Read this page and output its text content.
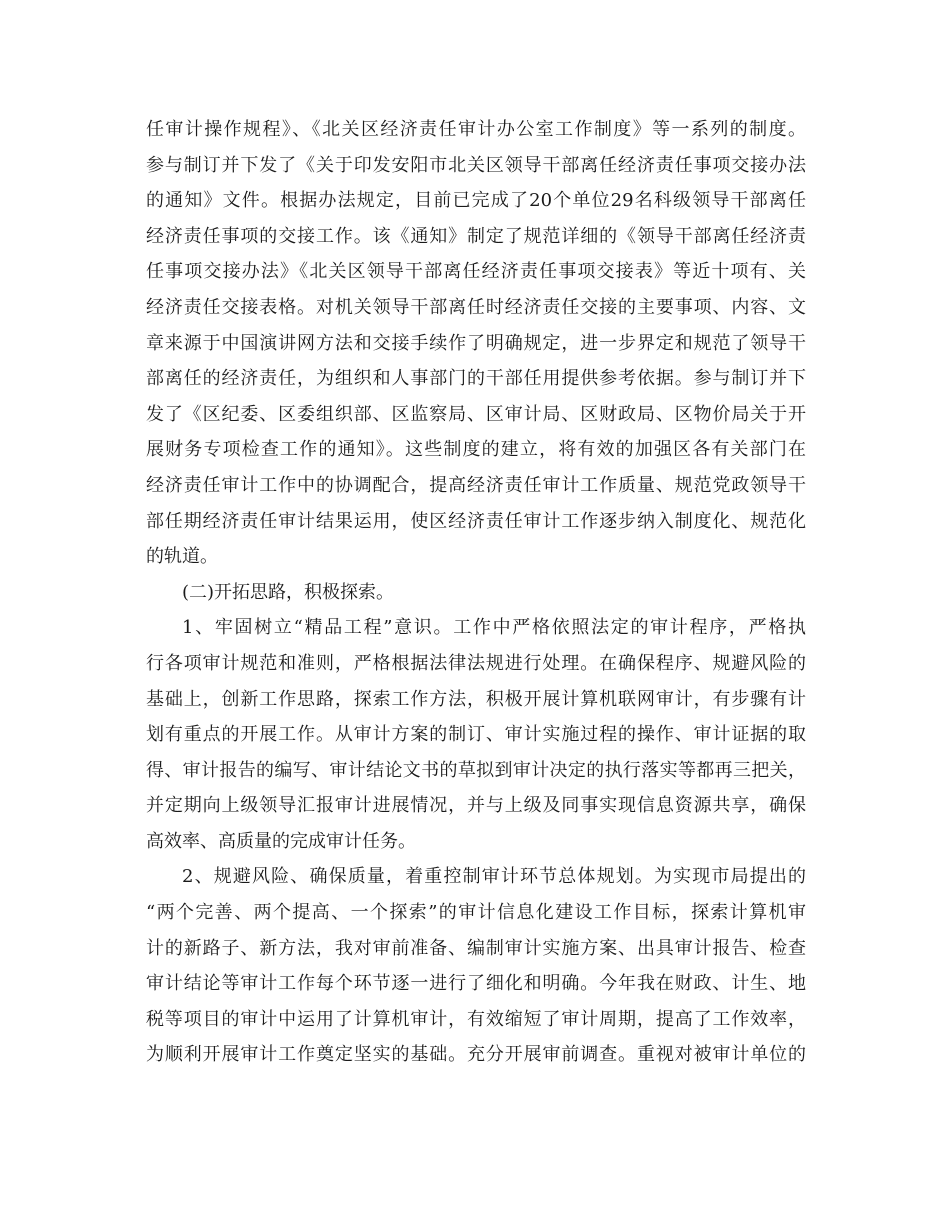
任审计操作规程》、《北关区经济责任审计办公室工作制度》等一系列的制度。
参与制订并下发了《关于印发安阳市北关区领导干部离任经济责任事项交接办法
的通知》文件。根据办法规定，目前已完成了20个单位29名科级领导干部离任
经济责任事项的交接工作。该《通知》制定了规范详细的《领导干部离任经济责
任事项交接办法》《北关区领导干部离任经济责任事项交接表》等近十项有、关
经济责任交接表格。对机关领导干部离任时经济责任交接的主要事项、内容、文
章来源于中国演讲网方法和交接手续作了明确规定，进一步界定和规范了领导干
部离任的经济责任，为组织和人事部门的干部任用提供参考依据。参与制订并下
发了《区纪委、区委组织部、区监察局、区审计局、区财政局、区物价局关于开
展财务专项检查工作的通知》。这些制度的建立，将有效的加强区各有关部门在
经济责任审计工作中的协调配合，提高经济责任审计工作质量、规范党政领导干
部任期经济责任审计结果运用，使区经济责任审计工作逐步纳入制度化、规范化
的轨道。
(二)开拓思路，积极探索。
1、牢固树立“精品工程”意识。工作中严格依照法定的审计程序，严格执
行各项审计规范和准则，严格根据法律法规进行处理。在确保程序、规避风险的
基础上，创新工作思路，探索工作方法，积极开展计算机联网审计，有步骤有计
划有重点的开展工作。从审计方案的制订、审计实施过程的操作、审计证据的取
得、审计报告的编写、审计结论文书的草拟到审计决定的执行落实等都再三把关，
并定期向上级领导汇报审计进展情况，并与上级及同事实现信息资源共享，确保
高效率、高质量的完成审计任务。
2、规避风险、确保质量，着重控制审计环节总体规划。为实现市局提出的
“两个完善、两个提高、一个探索”的审计信息化建设工作目标，探索计算机审
计的新路子、新方法，我对审前准备、编制审计实施方案、出具审计报告、检查
审计结论等审计工作每个环节逐一进行了细化和明确。今年我在财政、计生、地
税等项目的审计中运用了计算机审计，有效缩短了审计周期，提高了工作效率，
为顺利开展审计工作奠定坚实的基础。充分开展审前调查。重视对被审计单位的
